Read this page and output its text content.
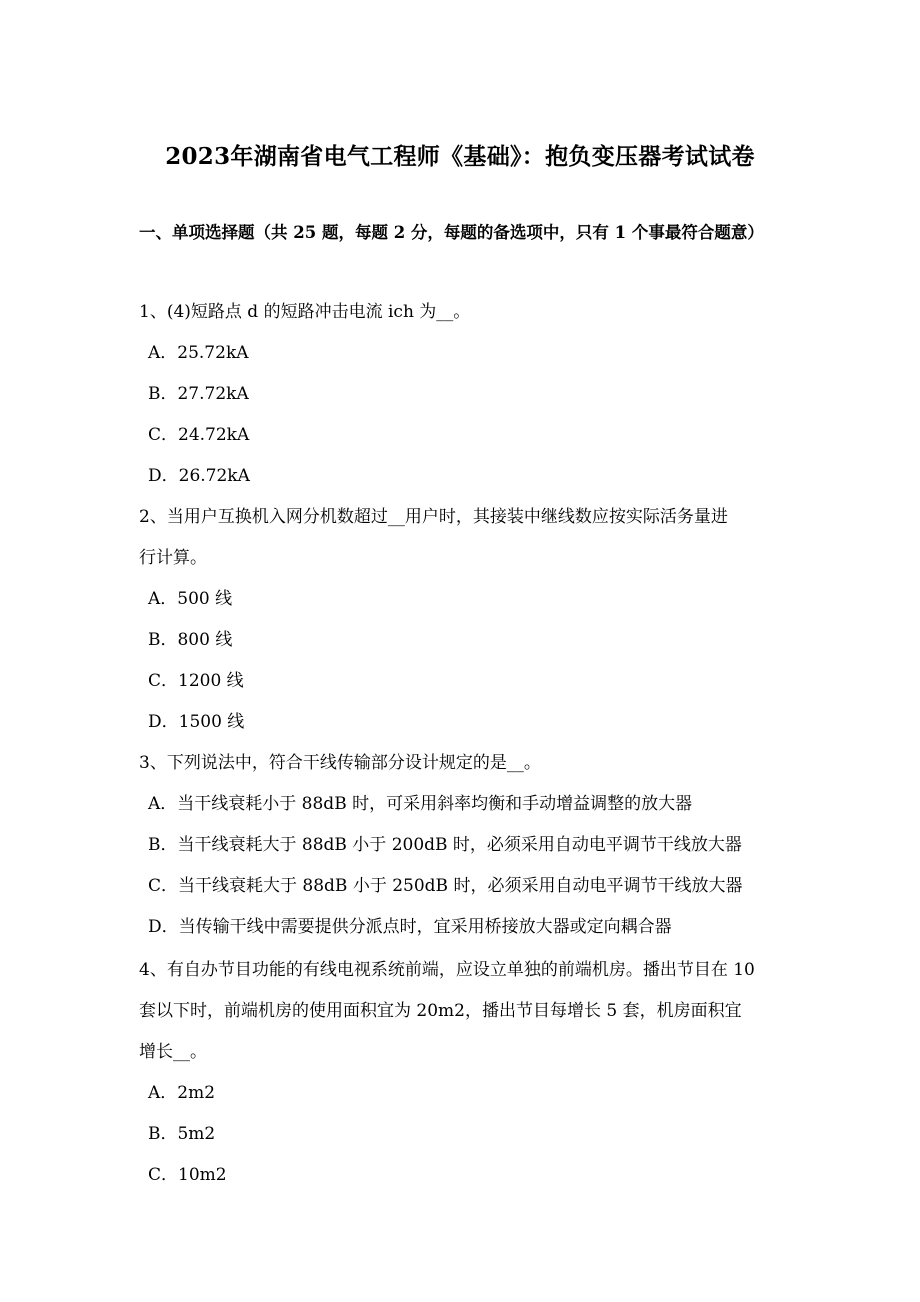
2023年湖南省电气工程师《基础》：抱负变压器考试试卷
一、单项选择题（共 25 题，每题 2 分，每题的备选项中，只有 1 个事最符合题意）
1、(4)短路点 d 的短路冲击电流 ich 为__。
A．25.72kA
B．27.72kA
C．24.72kA
D．26.72kA
2、当用户互换机入网分机数超过__用户时，其接装中继线数应按实际活务量进
行计算。
A．500 线
B．800 线
C．1200 线
D．1500 线
3、下列说法中，符合干线传输部分设计规定的是__。
A．当干线衰耗小于 88dB 时，可采用斜率均衡和手动增益调整的放大器
B．当干线衰耗大于 88dB 小于 200dB 时，必须采用自动电平调节干线放大器
C．当干线衰耗大于 88dB 小于 250dB 时，必须采用自动电平调节干线放大器
D．当传输干线中需要提供分派点时，宜采用桥接放大器或定向耦合器
4、有自办节目功能的有线电视系统前端，应设立单独的前端机房。播出节目在 10
套以下时，前端机房的使用面积宜为 20m2，播出节目每增长 5 套，机房面积宜
增长__。
A．2m2
B．5m2
C．10m2
